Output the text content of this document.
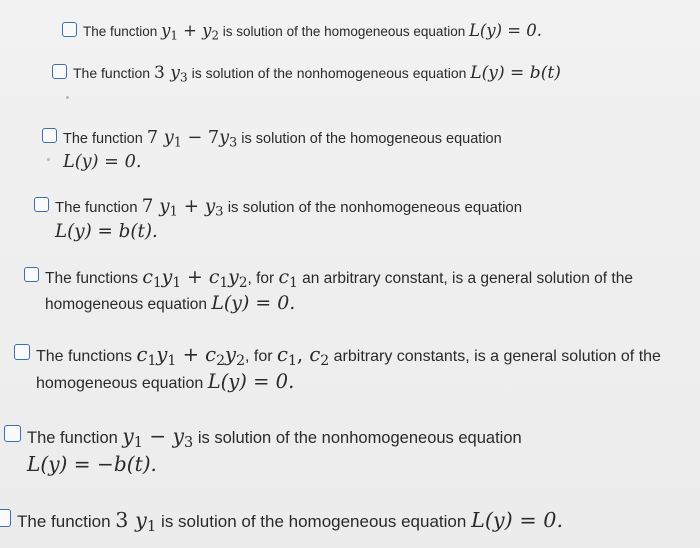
The function $y_1 + y_2$ is solution of the homogeneous equation L(y) = 0.
The function 3 $y_3$ is solution of the nonhomogeneous equation L(y) = b(t)
The function 7 $y_1 - 7y_3$ is solution of the homogeneous equation
L(y) = 0.
The function 7 $y_1 + y_3$ is solution of the nonhomogeneous equation
L(y) = b(t).
The functions $c_1y_1 + c_1y_2$, for $c_1$ an arbitrary constant, is a general solution of the homogeneous equation L(y) = 0.
The functions $c_1y_1 + c_2y_2$, for $c_1$, $c_2$ arbitrary constants, is a general solution of the homogeneous equation L(y) = 0.
The function $y_1 - y_3$ is solution of the nonhomogeneous equation
L(y) = −b(t).
The function 3 $y_1$ is solution of the homogeneous equation L(y) = 0.
